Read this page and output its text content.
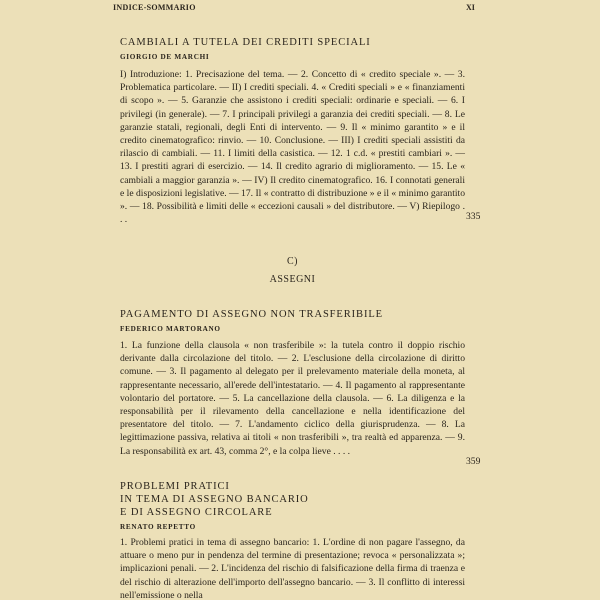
INDICE-SOMMARIO	XI
CAMBIALI A TUTELA DEI CREDITI SPECIALI
GIORGIO DE MARCHI
I) Introduzione: 1. Precisazione del tema. — 2. Concetto di « credito speciale ». — 3. Problematica particolare. — II) I crediti speciali. 4. « Crediti speciali » e « finanziamenti di scopo ». — 5. Garanzie che assistono i crediti speciali: ordinarie e speciali. — 6. I privilegi (in generale). — 7. I principali privilegi a garanzia dei crediti speciali. — 8. Le garanzie statali, regionali, degli Enti di intervento. — 9. Il « minimo garantito » e il credito cinematografico: rinvio. — 10. Conclusione. — III) I crediti speciali assistiti da rilascio di cambiali. — 11. I limiti della casistica. — 12. 1 c.d. « prestiti cambiari ». — 13. I prestiti agrari di esercizio. — 14. Il credito agrario di miglioramento. — 15. Le « cambiali a maggior garanzia ». — IV) Il credito cinematografico. 16. I connotati generali e le disposizioni legislative. — 17. Il « contratto di distribuzione » e il « minimo garantito ». — 18. Possibilità e limiti delle « eccezioni causali » del distributore. — V) Riepilogo . . .	335
C)
ASSEGNI
PAGAMENTO DI ASSEGNO NON TRASFERIBILE
FEDERICO MARTORANO
1. La funzione della clausola « non trasferibile »: la tutela contro il doppio rischio derivante dalla circolazione del titolo. — 2. L'esclusione della circolazione di diritto comune. — 3. Il pagamento al delegato per il prelevamento materiale della moneta, al rappresentante necessario, all'erede dell'intestatario. — 4. Il pagamento al rappresentante volontario del portatore. — 5. La cancellazione della clausola. — 6. La diligenza e la responsabilità per il rilevamento della cancellazione e nella identificazione del presentatore del titolo. — 7. L'andamento ciclico della giurisprudenza. — 8. La legittimazione passiva, relativa ai titoli « non trasferibili », tra realtà ed apparenza. — 9. La responsabilità ex art. 43, comma 2°, e la colpa lieve . . . .
359
PROBLEMI PRATICI
IN TEMA DI ASSEGNO BANCARIO
E DI ASSEGNO CIRCOLARE
RENATO REPETTO
1. Problemi pratici in tema di assegno bancario: 1. L'ordine di non pagare l'assegno, da attuare o meno pur in pendenza del termine di presentazione; revoca « personalizzata »; implicazioni penali. — 2. L'incidenza del rischio di falsificazione della firma di traenza e del rischio di alterazione dell'importo dell'assegno bancario. — 3. Il conflitto di interessi nell'emissione o nella
